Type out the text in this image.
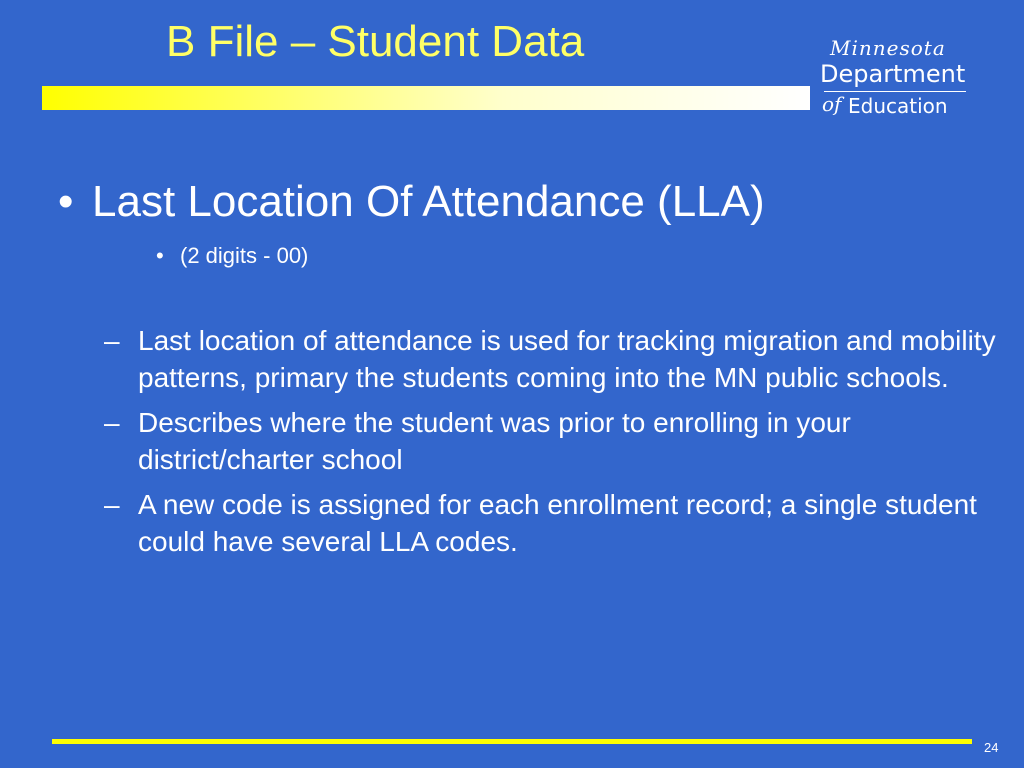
B File – Student Data	Minnesota
Department
of Education
• Last Location Of Attendance (LLA)
• (2 digits - 00)
– Last location of attendance is used for tracking migration and mobility patterns, primary the students coming into the MN public schools.
– Describes where the student was prior to enrolling in your district/charter school
– A new code is assigned for each enrollment record; a single student could have several LLA codes.
24
